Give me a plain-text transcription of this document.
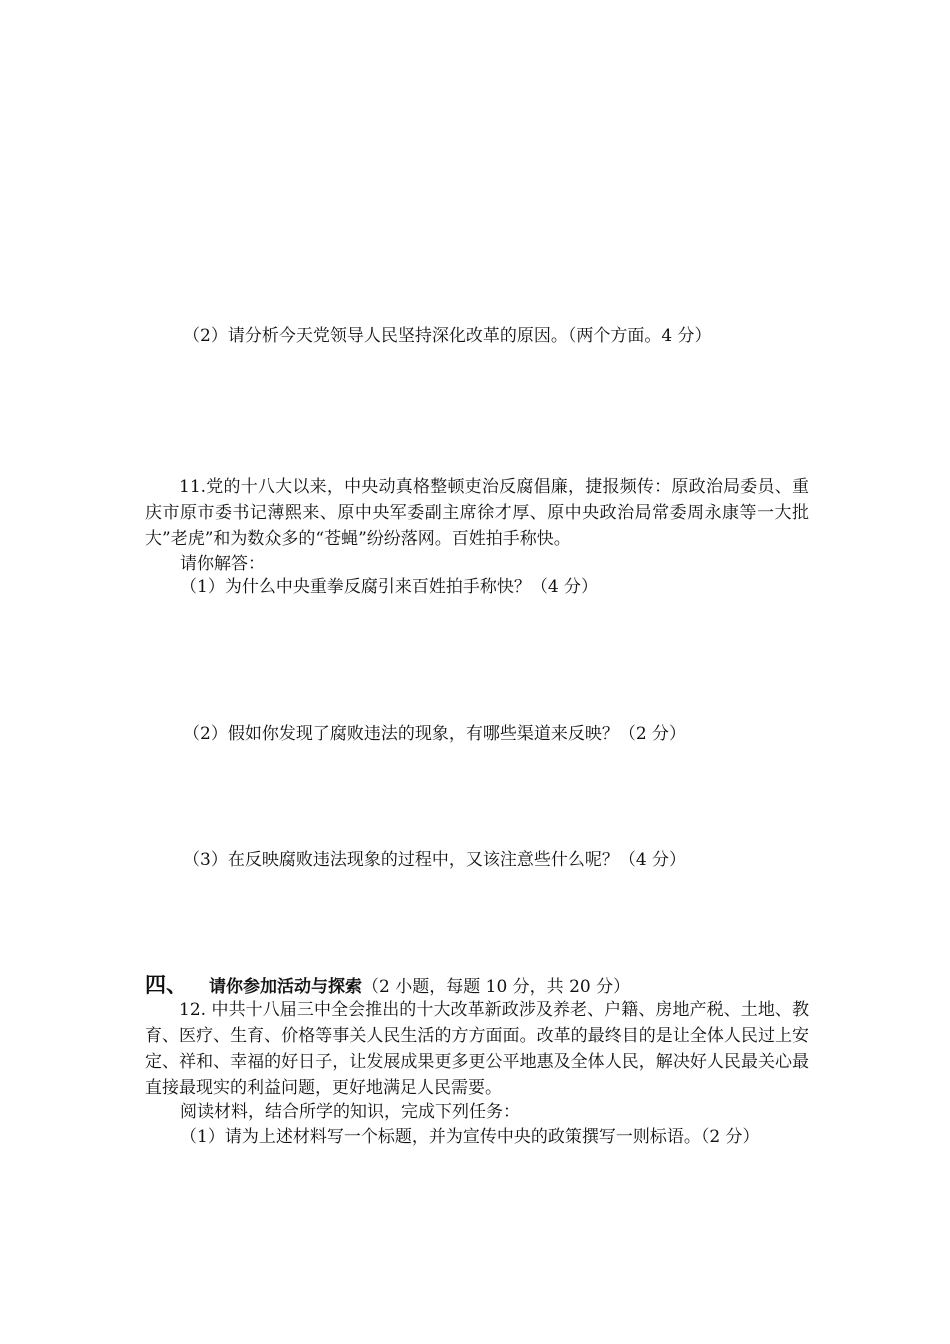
（2）请分析今天党领导人民坚持深化改革的原因。（两个方面。4 分）
11.党的十八大以来，中央动真格整顿吏治反腐倡廉，捷报频传：原政治局委员、重庆市原市委书记薄熙来、原中央军委副主席徐才厚、原中央政治局常委周永康等一大批大”老虎”和为数众多的“苍蝇”纷纷落网。百姓拍手称快。
请你解答：
（1）为什么中央重拳反腐引来百姓拍手称快？（4 分）
（2）假如你发现了腐败违法的现象，有哪些渠道来反映？（2 分）
（3）在反映腐败违法现象的过程中，又该注意些什么呢？（4 分）
四、 请你参加活动与探索（2 小题，每题 10 分，共 20 分）
12. 中共十八届三中全会推出的十大改革新政涉及养老、户籍、房地产税、土地、教育、医疗、生育、价格等事关人民生活的方方面面。改革的最终目的是让全体人民过上安定、祥和、幸福的好日子，让发展成果更多更公平地惠及全体人民，解决好人民最关心最直接最现实的利益问题，更好地满足人民需要。
阅读材料，结合所学的知识，完成下列任务：
（1）请为上述材料写一个标题，并为宣传中央的政策撰写一则标语。（2 分）
